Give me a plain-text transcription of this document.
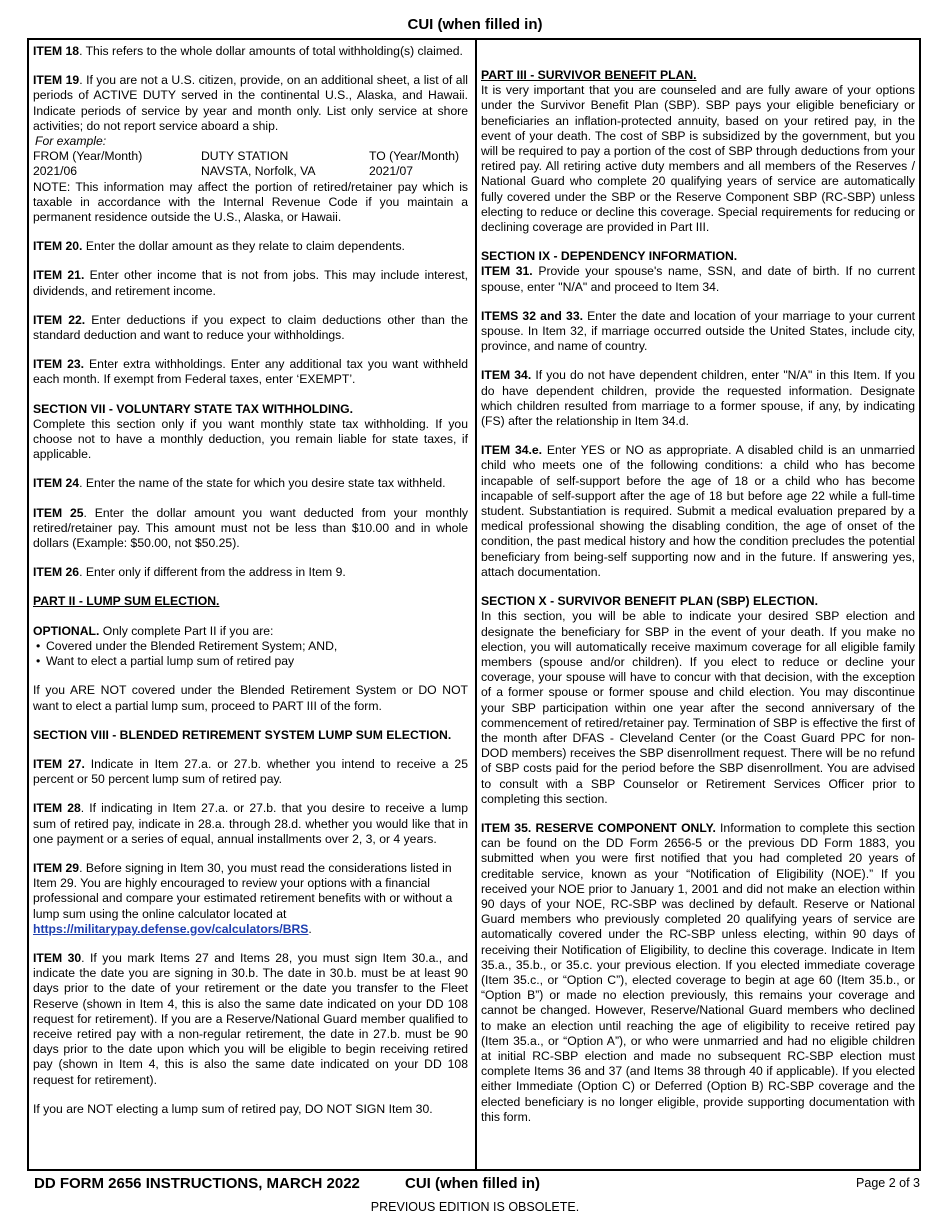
CUI (when filled in)

ITEM 18. This refers to the whole dollar amounts of total withholding(s) claimed.

ITEM 19. If you are not a U.S. citizen, provide, on an additional sheet, a list of all periods of ACTIVE DUTY served in the continental U.S., Alaska, and Hawaii. Indicate periods of service by year and month only. List only service at shore activities; do not report service aboard a ship.

For example:
FROM (Year/Month)	DUTY STATION	TO (Year/Month)
2021/06	NAVSTA, Norfolk, VA	2021/07

NOTE: This information may affect the portion of retired/retainer pay which is taxable in accordance with the Internal Revenue Code if you maintain a permanent residence outside the U.S., Alaska, or Hawaii.

ITEM 20. Enter the dollar amount as they relate to claim dependents.

ITEM 21. Enter other income that is not from jobs. This may include interest, dividends, and retirement income.

ITEM 22. Enter deductions if you expect to claim deductions other than the standard deduction and want to reduce your withholdings.

ITEM 23. Enter extra withholdings. Enter any additional tax you want withheld each month. If exempt from Federal taxes, enter ‘EXEMPT’.

SECTION VII - VOLUNTARY STATE TAX WITHHOLDING.

Complete this section only if you want monthly state tax withholding. If you choose not to have a monthly deduction, you remain liable for state taxes, if applicable.

ITEM 24. Enter the name of the state for which you desire state tax withheld.

ITEM 25. Enter the dollar amount you want deducted from your monthly retired/retainer pay. This amount must not be less than $10.00 and in whole dollars (Example: $50.00, not $50.25).

ITEM 26. Enter only if different from the address in Item 9.

PART II - LUMP SUM ELECTION.

OPTIONAL. Only complete Part II if you are:
• Covered under the Blended Retirement System; AND,
• Want to elect a partial lump sum of retired pay

If you ARE NOT covered under the Blended Retirement System or DO NOT want to elect a partial lump sum, proceed to PART III of the form.

SECTION VIII - BLENDED RETIREMENT SYSTEM LUMP SUM ELECTION.

ITEM 27. Indicate in Item 27.a. or 27.b. whether you intend to receive a 25 percent or 50 percent lump sum of retired pay.

ITEM 28. If indicating in Item 27.a. or 27.b. that you desire to receive a lump sum of retired pay, indicate in 28.a. through 28.d. whether you would like that in one payment or a series of equal, annual installments over 2, 3, or 4 years.

ITEM 29. Before signing in Item 30, you must read the considerations listed in Item 29. You are highly encouraged to review your options with a financial professional and compare your estimated retirement benefits with or without a lump sum using the online calculator located at
https://militarypay.defense.gov/calculators/BRS.

ITEM 30. If you mark Items 27 and Items 28, you must sign Item 30.a., and indicate the date you are signing in 30.b. The date in 30.b. must be at least 90 days prior to the date of your retirement or the date you transfer to the Fleet Reserve (shown in Item 4, this is also the same date indicated on your DD 108 request for retirement). If you are a Reserve/National Guard member qualified to receive retired pay with a non-regular retirement, the date in 27.b. must be 90 days prior to the date upon which you will be eligible to begin receiving retired pay (shown in Item 4, this is also the same date indicated on your DD 108 request for retirement).

If you are NOT electing a lump sum of retired pay, DO NOT SIGN Item 30.

PART III - SURVIVOR BENEFIT PLAN.

It is very important that you are counseled and are fully aware of your options under the Survivor Benefit Plan (SBP). SBP pays your eligible beneficiary or beneficiaries an inflation-protected annuity, based on your retired pay, in the event of your death. The cost of SBP is subsidized by the government, but you will be required to pay a portion of the cost of SBP through deductions from your retired pay. All retiring active duty members and all members of the Reserves / National Guard who complete 20 qualifying years of service are automatically fully covered under the SBP or the Reserve Component SBP (RC-SBP) unless electing to reduce or decline this coverage. Special requirements for reducing or declining coverage are provided in Part III.

SECTION IX - DEPENDENCY INFORMATION.

ITEM 31. Provide your spouse's name, SSN, and date of birth. If no current spouse, enter "N/A" and proceed to Item 34.

ITEMS 32 and 33. Enter the date and location of your marriage to your current spouse. In Item 32, if marriage occurred outside the United States, include city, province, and name of country.

ITEM 34. If you do not have dependent children, enter "N/A" in this Item. If you do have dependent children, provide the requested information. Designate which children resulted from marriage to a former spouse, if any, by indicating (FS) after the relationship in Item 34.d.

ITEM 34.e. Enter YES or NO as appropriate. A disabled child is an unmarried child who meets one of the following conditions: a child who has become incapable of self-support before the age of 18 or a child who has become incapable of self-support after the age of 18 but before age 22 while a full-time student. Substantiation is required. Submit a medical evaluation prepared by a medical professional showing the disabling condition, the age of onset of the condition, the past medical history and how the condition precludes the potential beneficiary from being-self supporting now and in the future. If answering yes, attach documentation.

SECTION X - SURVIVOR BENEFIT PLAN (SBP) ELECTION.

In this section, you will be able to indicate your desired SBP election and designate the beneficiary for SBP in the event of your death. If you make no election, you will automatically receive maximum coverage for all eligible family members (spouse and/or children). If you elect to reduce or decline your coverage, your spouse will have to concur with that decision, with the exception of a former spouse or former spouse and child election. You may discontinue your SBP participation within one year after the second anniversary of the commencement of retired/retainer pay. Termination of SBP is effective the first of the month after DFAS - Cleveland Center (or the Coast Guard PPC for non-DOD members) receives the SBP disenrollment request. There will be no refund of SBP costs paid for the period before the SBP disenrollment. You are advised to consult with a SBP Counselor or Retirement Services Officer prior to completing this section.

ITEM 35. RESERVE COMPONENT ONLY. Information to complete this section can be found on the DD Form 2656-5 or the previous DD Form 1883, you submitted when you were first notified that you had completed 20 years of creditable service, known as your “Notification of Eligibility (NOE).” If you received your NOE prior to January 1, 2001 and did not make an election within 90 days of your NOE, RC-SBP was declined by default. Reserve or National Guard members who previously completed 20 qualifying years of service are automatically covered under the RC-SBP unless electing, within 90 days of receiving their Notification of Eligibility, to decline this coverage. Indicate in Item 35.a., 35.b., or 35.c. your previous election. If you elected immediate coverage (Item 35.c., or “Option C”), elected coverage to begin at age 60 (Item 35.b., or “Option B”) or made no election previously, this remains your coverage and cannot be changed. However, Reserve/National Guard members who declined to make an election until reaching the age of eligibility to receive retired pay (Item 35.a., or “Option A”), or who were unmarried and had no eligible children at initial RC-SBP election and made no subsequent RC-SBP election must complete Items 36 and 37 (and Items 38 through 40 if applicable). If you elected either Immediate (Option C) or Deferred (Option B) RC-SBP coverage and the elected beneficiary is no longer eligible, provide supporting documentation with this form.

DD FORM 2656 INSTRUCTIONS, MARCH 2022	CUI (when filled in)	Page 2 of 3
PREVIOUS EDITION IS OBSOLETE.
